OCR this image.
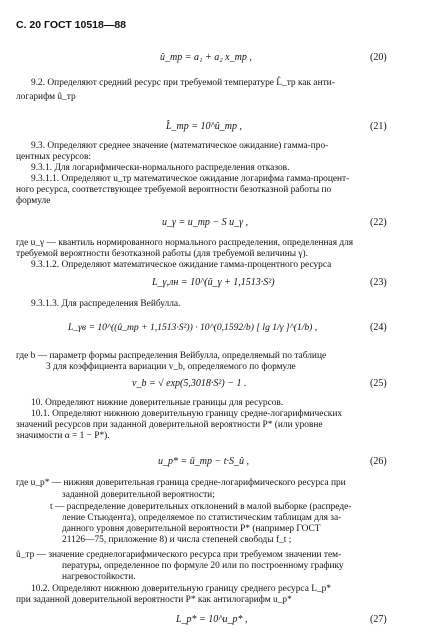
С. 20 ГОСТ 10518—88
û_тр = a₁ + a₂ x_тр ,	(20)
9.2. Определяют средний ресурс при требуемой температуре L̂_тр как анти-
логарифм û_тр
L̂_тр = 10^û_тр ,	(21)
9.3. Определяют среднее значение (математическое ожидание) гамма-про-
центных ресурсов:
9.3.1. Для логарифмически-нормального распределения отказов.
9.3.1.1. Определяют u_тр математическое ожидание логарифма гамма-процент-
ного ресурса, соответствующее требуемой вероятности безотказной работы по
формуле
u_γ = u_тр − S u_γ ,	(22)
где u_γ — квантиль нормированного нормального распределения, определенная для
требуемой вероятности безотказной работы (для требуемой величины γ).
9.3.1.2. Определяют математическое ожидание гамма-процентного ресурса
L_γ,лн = 10^(ū_γ + 1,1513·S²)	(23)
9.3.1.3. Для распределения Вейбулла.
L_γв = 10^((û_тр + 1,1513·S²)) · 10^(0,1592/b) [ lg 1/γ ]^(1/b) ,	(24)
где b — параметр формы распределения Вейбулла, определяемый по таблице
3 для коэффициента вариации v_b, определяемого по формуле
v_b = √ exp(5,3018·S²) − 1 .	(25)
10. Определяют нижние доверительные границы для ресурсов.
10.1. Определяют нижнюю доверительную границу средне-логарифмических
значений ресурсов при заданной доверительной вероятности P* (или уровне
значимости α = 1 − P*).
u_p* = ū_тр − t·S_û ,	(26)
где u_p* — нижняя доверительная граница средне-логарифмического ресурса при
заданной доверительной вероятности;
t — распределение доверительных отклонений в малой выборке (распреде-
ление Стьюдента), определяемое по статистическим таблицам для за-
данного уровня доверительной вероятности P* (например ГОСТ
21126—75, приложение 8) и числа степеней свободы f_t ;
û_тр — значение среднелогарифмического ресурса при требуемом значении тем-
пературы, определенное по формуле 20 или по построенному графику
нагревостойкости.
10.2. Определяют нижнюю доверительную границу среднего ресурса L_p*
при заданной доверительной вероятности P* как антилогарифм u_p*
L_p* = 10^u_p* ,	(27)
